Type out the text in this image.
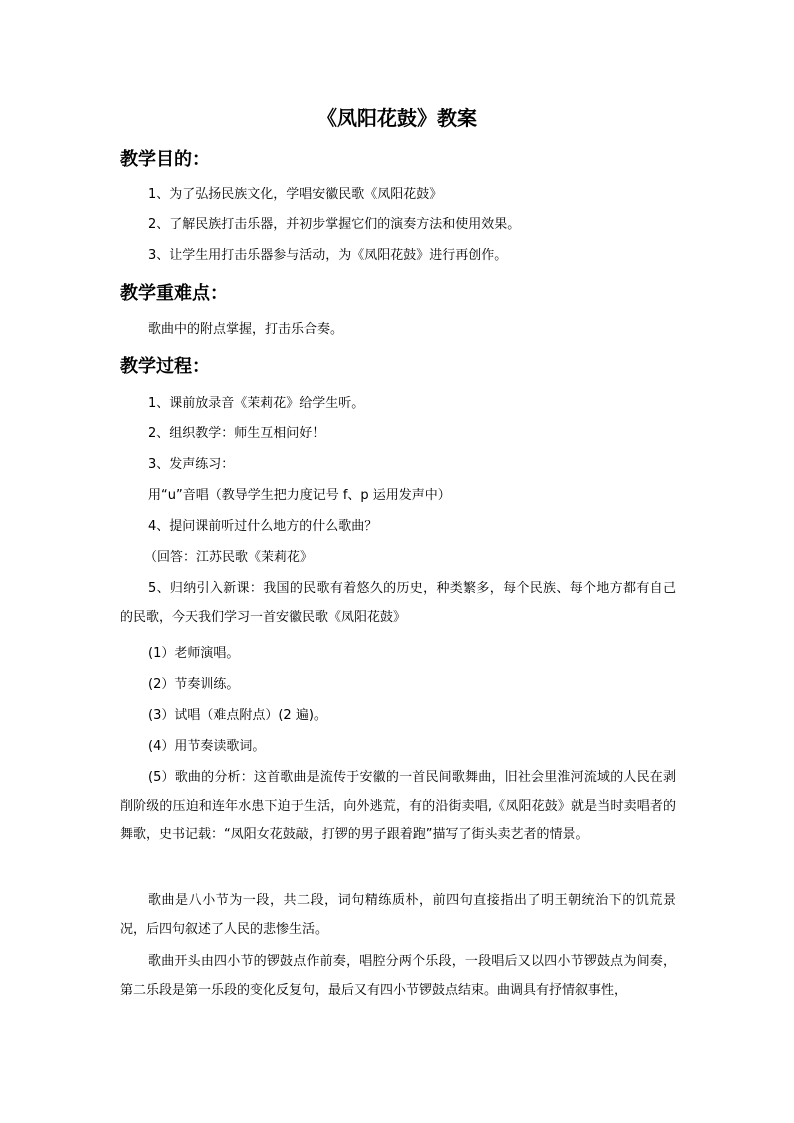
《凤阳花鼓》教案
教学目的：
1、为了弘扬民族文化，学唱安徽民歌《凤阳花鼓》
2、了解民族打击乐器，并初步掌握它们的演奏方法和使用效果。
3、让学生用打击乐器参与活动，为《凤阳花鼓》进行再创作。
教学重难点：
歌曲中的附点掌握，打击乐合奏。
教学过程：
1、课前放录音《茉莉花》给学生听。
2、组织教学：师生互相问好！
3、发声练习：
用“u”音唱（教导学生把力度记号 f、p 运用发声中）
4、提问课前听过什么地方的什么歌曲？
（回答：江苏民歌《茉莉花》
5、归纳引入新课：我国的民歌有着悠久的历史，种类繁多，每个民族、每个地方都有自己的民歌，今天我们学习一首安徽民歌《凤阳花鼓》
(1）老师演唱。
(2）节奏训练。
(3）试唱（难点附点）(2 遍)。
(4）用节奏读歌词。
(5）歌曲的分析：这首歌曲是流传于安徽的一首民间歌舞曲，旧社会里淮河流域的人民在剥削阶级的压迫和连年水患下迫于生活，向外逃荒，有的沿街卖唱,《凤阳花鼓》就是当时卖唱者的舞歌，史书记载：“凤阳女花鼓敲，打锣的男子跟着跑”描写了街头卖艺者的情景。
歌曲是八小节为一段，共二段，词句精练质朴，前四句直接指出了明王朝统治下的饥荒景况，后四句叙述了人民的悲惨生活。
歌曲开头由四小节的锣鼓点作前奏，唱腔分两个乐段，一段唱后又以四小节锣鼓点为间奏，第二乐段是第一乐段的变化反复句，最后又有四小节锣鼓点结束。曲调具有抒情叙事性，
